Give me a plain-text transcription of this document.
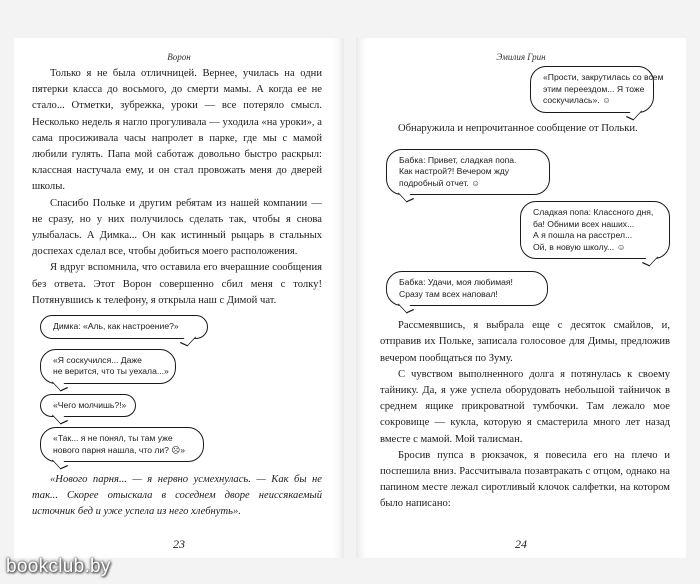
Ворон

Только я не была отличницей. Вернее, училась на одни пятерки класса до восьмого, до смерти мамы. А когда ее не стало... Отметки, зубрежка, уроки — все потеряло смысл. Несколько недель я нагло прогуливала — уходила «на уроки», а сама просиживала часы напролет в парке, где мы с мамой любили гулять. Папа мой саботаж довольно быстро раскрыл: классная настучала ему, и он стал провожать меня до дверей школы.

Спасибо Польке и другим ребятам из нашей компании — не сразу, но у них получилось сделать так, чтобы я снова улыбалась. А Димка... Он как истинный рыцарь в стальных доспехах сделал все, чтобы добиться моего расположения.

Я вдруг вспомнила, что оставила его вчерашние сообщения без ответа. Этот Ворон совершенно сбил меня с толку! Потянувшись к телефону, я открыла наш с Димой чат.

Димка: «Аль, как настроение?»
«Я соскучился... Даже
не верится, что ты уехала...»
«Чего молчишь?!»
«Так... я не понял, ты там уже
нового парня нашла, что ли? ☹»

«Нового парня... — я нервно усмехнулась. — Как бы не так... Скорее отыскала в соседнем дворе неиссякаемый источник бед и уже успела из него хлебнуть».

23
Эмилия Грин
«Прости, закрутилась со всем
этим переездом... Я тоже
соскучилась». ☺

Обнаружила и непрочитанное сообщение от Польки.

Бабка: Привет, сладкая попа.
Как настрой?! Вечером жду
подробный отчет. ☺
Сладкая попа: Классного дня,
ба! Обними всех наших...
А я пошла на расстрел...
Ой, в новую школу... ☺
Бабка: Удачи, моя любимая!
Сразу там всех наповал!

Рассмеявшись, я выбрала еще с десяток смайлов, и, отправив их Польке, записала голосовое для Димы, предложив вечером пообщаться по Зуму.

С чувством выполненного долга я потянулась к своему тайнику. Да, я уже успела оборудовать небольшой тайничок в среднем ящике прикроватной тумбочки. Там лежало мое сокровище — кукла, которую я смастерила много лет назад вместе с мамой. Мой талисман.

Бросив пупса в рюкзачок, я повесила его на плечо и поспешила вниз. Рассчитывала позавтракать с отцом, однако на папином месте лежал сиротливый клочок салфетки, на котором было написано:

24
bookclub.by
